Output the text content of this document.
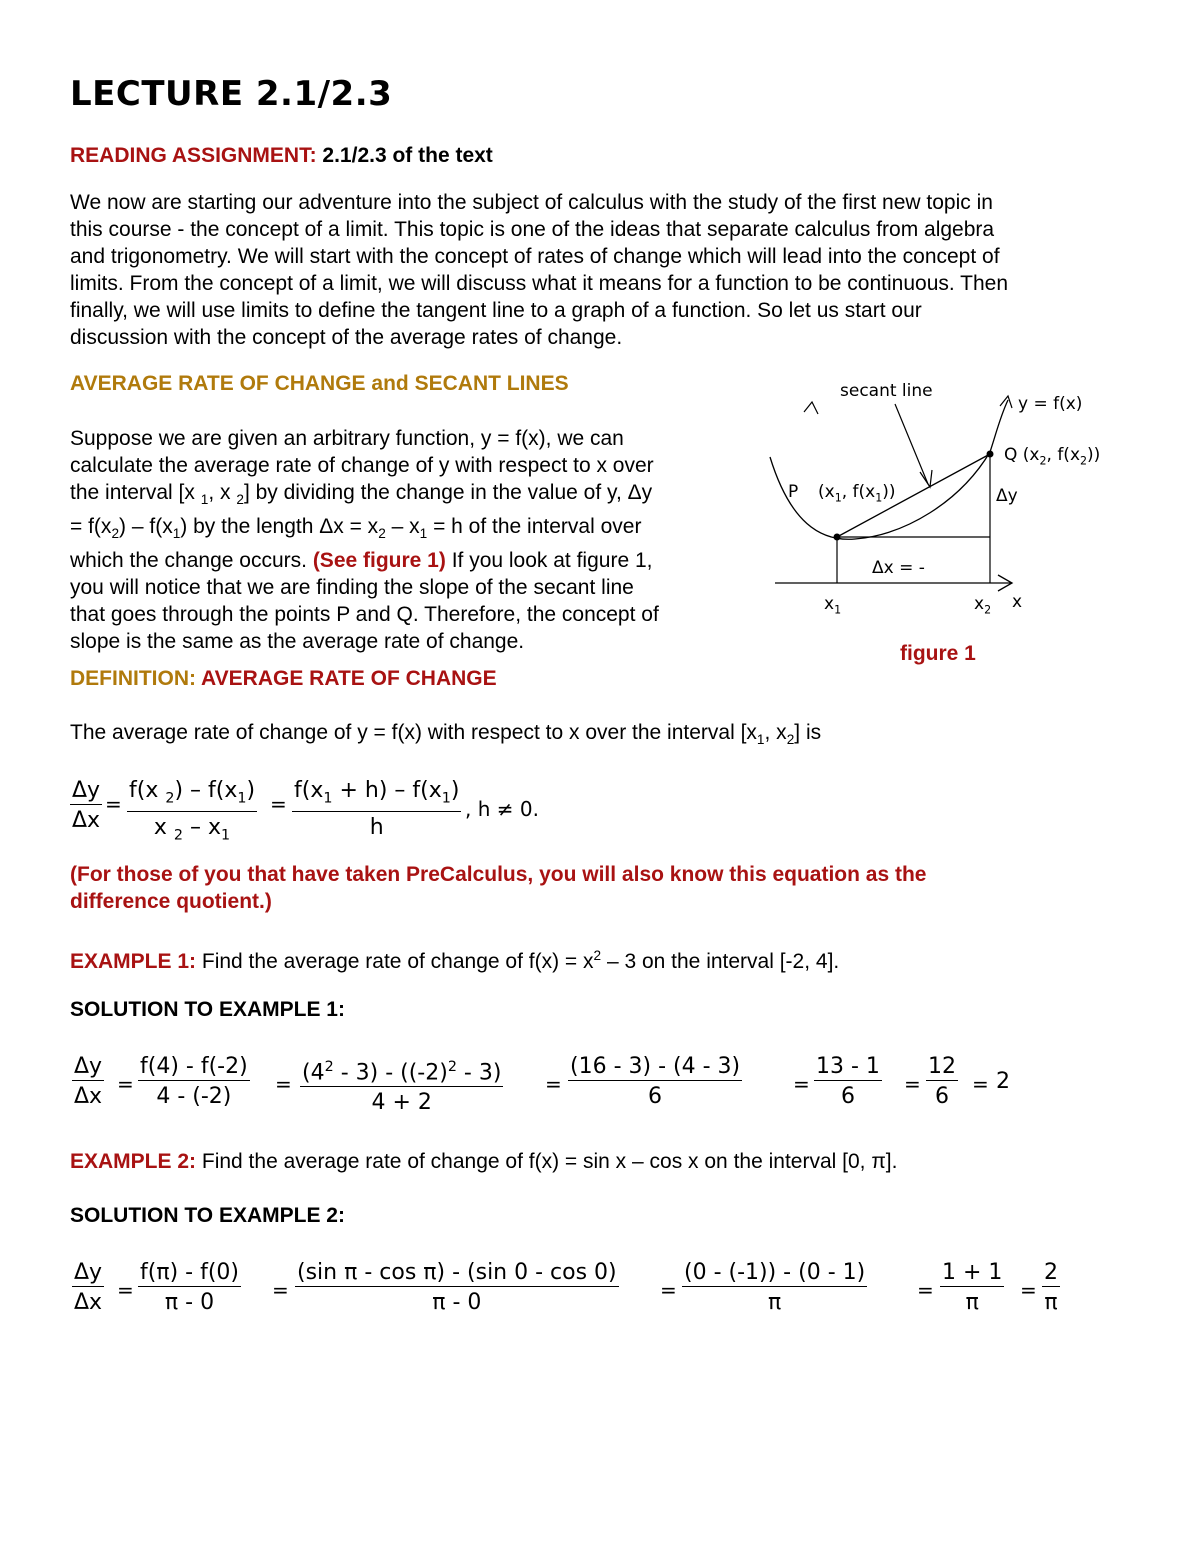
LECTURE 2.1/2.3
READING ASSIGNMENT: 2.1/2.3 of the text
We now are starting our adventure into the subject of calculus with the study of the first new topic in
this course - the concept of a limit. This topic is one of the ideas that separate calculus from algebra
and trigonometry. We will start with the concept of rates of change which will lead into the concept of
limits. From the concept of a limit, we will discuss what it means for a function to be continuous. Then
finally, we will use limits to define the tangent line to a graph of a function. So let us start our
discussion with the concept of the average rates of change.
AVERAGE RATE OF CHANGE and SECANT LINES
Suppose we are given an arbitrary function, y = f(x), we can
calculate the average rate of change of y with respect to x over
the interval [x $_1$, x $_2$] by dividing the change in the value of y, Δy
= $f(x_2) - f(x_1)$ by the length $\Delta x = x_2 - x_1 = h$ of the interval over
which the change occurs. (See figure 1) If you look at figure 1,
you will notice that we are finding the slope of the secant line
that goes through the points P and Q. Therefore, the concept of
slope is the same as the average rate of change.
secant line
y = f(x)
Q ($x_2$, $f(x_2)$)
P ($x_1$, $f(x_1)$)	Δy
Δx = -
$x_1$	$x_2$ x
figure 1
DEFINITION: AVERAGE RATE OF CHANGE
The average rate of change of y = f(x) with respect to x over the interval [$x_1$, $x_2$] is
$\frac{\Delta y}{\Delta x} = \frac{f(x _2) - f(x_1)}{x _2 - x_1} = \frac{f(x_1 + h) - f(x_1)}{h}$ , h ≠ 0.
(For those of you that have taken PreCalculus, you will also know this equation as the
difference quotient.)
EXAMPLE 1: Find the average rate of change of $f(x) = x^2 - 3$ on the interval [-2, 4].
SOLUTION TO EXAMPLE 1:
$\frac{\Delta y}{\Delta x} = \frac{f(4) - f(-2)}{4 - (-2)} = \frac{(4^2 - 3) - ((-2)^2 - 3)}{4 + 2} = \frac{(16 - 3) - (4 - 3)}{6}$	= $\frac{13 - 1}{6} = \frac{12}{6} = 2$
EXAMPLE 2: Find the average rate of change of f(x) = sin x – cos x on the interval [0, π].
SOLUTION TO EXAMPLE 2:
$\frac{\Delta y}{\Delta x} = \frac{f(\pi) - f(0)}{\pi - 0} = \frac{\text{(sin π - cos π) - (sin 0 - cos 0)}}{\pi - 0} = \frac{(0 - (-1)) - (0 - 1)}{\pi} = \frac{1 + 1}{\pi} = \frac{2}{\pi}$
